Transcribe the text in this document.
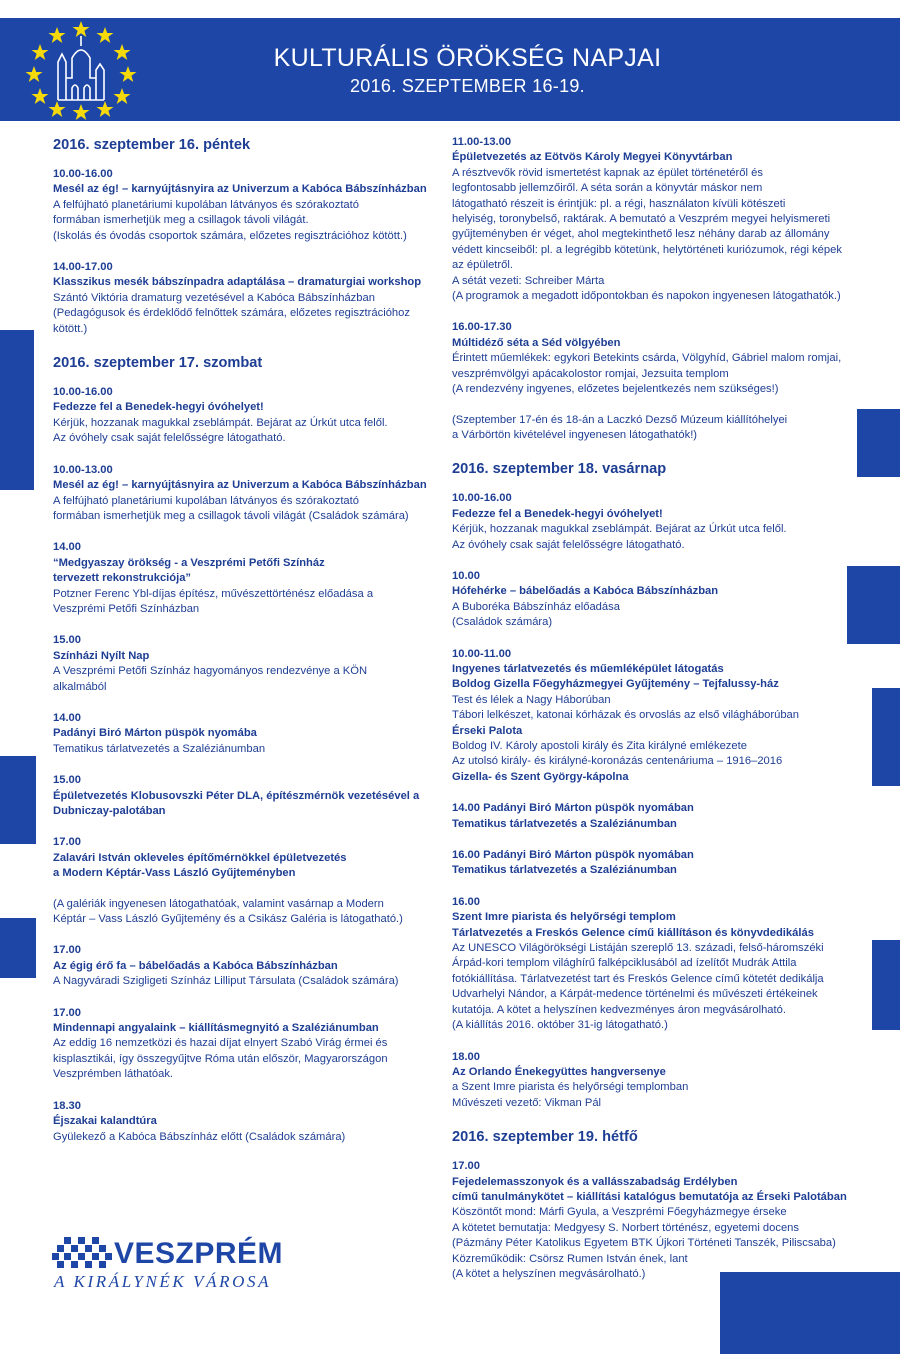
KULTURÁLIS ÖRÖKSÉG NAPJAI
2016. SZEPTEMBER 16-19.
2016. szeptember 16. péntek
10.00-16.00
Mesél az ég! – karnyújtásnyira az Univerzum a Kabóca Bábszínházban
A felfújható planetáriumi kupolában látványos és szórakoztató
formában ismerhetjük meg a csillagok távoli világát.
(Iskolás és óvodás csoportok számára, előzetes regisztrációhoz kötött.)
14.00-17.00
Klasszikus mesék bábszínpadra adaptálása – dramaturgiai workshop
Szántó Viktória dramaturg vezetésével a Kabóca Bábszínházban
(Pedagógusok és érdeklődő felnőttek számára, előzetes regisztrációhoz
kötött.)
2016. szeptember 17. szombat
10.00-16.00
Fedezze fel a Benedek-hegyi óvóhelyet!
Kérjük, hozzanak magukkal zseblámpát. Bejárat az Úrkút utca felől.
Az óvóhely csak saját felelősségre látogatható.
10.00-13.00
Mesél az ég! – karnyújtásnyira az Univerzum a Kabóca Bábszínházban
A felfújható planetáriumi kupolában látványos és szórakoztató
formában ismerhetjük meg a csillagok távoli világát (Családok számára)
14.00
“Medgyaszay örökség - a Veszprémi Petőfi Színház
tervezett rekonstrukciója”
Potzner Ferenc Ybl-díjas építész, művészettörténész előadása a
Veszprémi Petőfi Színházban
15.00
Színházi Nyílt Nap
A Veszprémi Petőfi Színház hagyományos rendezvénye a KÖN
alkalmából
14.00
Padányi Biró Márton püspök nyomába
Tematikus tárlatvezetés a Szaléziánumban
15.00
Épületvezetés Klobusovszki Péter DLA, építészmérnök vezetésével a
Dubniczay-palotában
17.00
Zalavári István okleveles építőmérnökkel épületvezetés
a Modern Képtár-Vass László Gyűjteményben
(A galériák ingyenesen látogathatóak, valamint vasárnap a Modern
Képtár – Vass László Gyűjtemény és a Csikász Galéria is látogatható.)
17.00
Az égig érő fa – bábelőadás a Kabóca Bábszínházban
A Nagyváradi Szigligeti Színház Lilliput Társulata (Családok számára)
17.00
Mindennapi angyalaink – kiállításmegnyitó a Szaléziánumban
Az eddig 16 nemzetközi és hazai díjat elnyert Szabó Virág érmei és
kisplasztikái, így összegyűjtve Róma után először, Magyarországon
Veszprémben láthatóak.
18.30
Éjszakai kalandtúra
Gyülekező a Kabóca Bábszínház előtt (Családok számára)
11.00-13.00
Épületvezetés az Eötvös Károly Megyei Könyvtárban
A résztvevők rövid ismertetést kapnak az épület történetéről és
legfontosabb jellemzőiről. A séta során a könyvtár máskor nem
látogatható részeit is érintjük: pl. a régi, használaton kívüli kötészeti
helyiség, toronybelső, raktárak. A bemutató a Veszprém megyei helyismereti
gyűjteményben ér véget, ahol megtekinthető lesz néhány darab az állomány
védett kincseiből: pl. a legrégibb kötetünk, helytörténeti kuriózumok, régi képek
az épületről.
A sétát vezeti: Schreiber Márta
(A programok a megadott időpontokban és napokon ingyenesen látogathatók.)
16.00-17.30
Múltidéző séta a Séd völgyében
Érintett műemlékek: egykori Betekints csárda, Völgyhíd, Gábriel malom romjai,
veszprémvölgyi apácakolostor romjai, Jezsuita templom
(A rendezvény ingyenes, előzetes bejelentkezés nem szükséges!)
(Szeptember 17-én és 18-án a Laczkó Dezső Múzeum kiállítóhelyei
a Várbörtön kivételével ingyenesen látogathatók!)
2016. szeptember 18. vasárnap
10.00-16.00
Fedezze fel a Benedek-hegyi óvóhelyet!
Kérjük, hozzanak magukkal zseblámpát. Bejárat az Úrkút utca felől.
Az óvóhely csak saját felelősségre látogatható.
10.00
Hófehérke – bábelőadás a Kabóca Bábszínházban
A Buboréka Bábszínház előadása
(Családok számára)
10.00-11.00
Ingyenes tárlatvezetés és műemléképület látogatás
Boldog Gizella Főegyházmegyei Gyűjtemény – Tejfalussy-ház
Test és lélek a Nagy Háborúban
Tábori lelkészet, katonai kórházak és orvoslás az első világháborúban
Érseki Palota
Boldog IV. Károly apostoli király és Zita királyné emlékezete
Az utolsó király- és királyné-koronázás centenáriuma – 1916–2016
Gizella- és Szent György-kápolna
14.00 Padányi Biró Márton püspök nyomában
Tematikus tárlatvezetés a Szaléziánumban
16.00 Padányi Biró Márton püspök nyomában
Tematikus tárlatvezetés a Szaléziánumban
16.00
Szent Imre piarista és helyőrségi templom
Tárlatvezetés a Freskós Gelence című kiállításon és könyvdedikálás
Az UNESCO Világörökségi Listáján szereplő 13. századi, felső-háromszéki
Árpád-kori templom világhírű falképciklusából ad ízelítőt Mudrák Attila
fotókiállítása. Tárlatvezetést tart és Freskós Gelence című kötetét dedikálja
Udvarhelyi Nándor, a Kárpát-medence történelmi és művészeti értékeinek
kutatója. A kötet a helyszínen kedvezményes áron megvásárolható.
(A kiállítás 2016. október 31-ig látogatható.)
18.00
Az Orlando Énekegyüttes hangversenye
a Szent Imre piarista és helyőrségi templomban
Művészeti vezető: Vikman Pál
2016. szeptember 19. hétfő
17.00
Fejedelemasszonyok és a vallásszabadság Erdélyben
című tanulmánykötet – kiállítási katalógus bemutatója az Érseki Palotában
Köszöntőt mond: Márfi Gyula, a Veszprémi Főegyházmegye érseke
A kötetet bemutatja: Medgyesy S. Norbert történész, egyetemi docens
(Pázmány Péter Katolikus Egyetem BTK Újkori Történeti Tanszék, Piliscsaba)
Közreműködik: Csörsz Rumen István ének, lant
(A kötet a helyszínen megvásárolható.)
VESZPRÉM
A KIRÁLYNÉK VÁROSA
